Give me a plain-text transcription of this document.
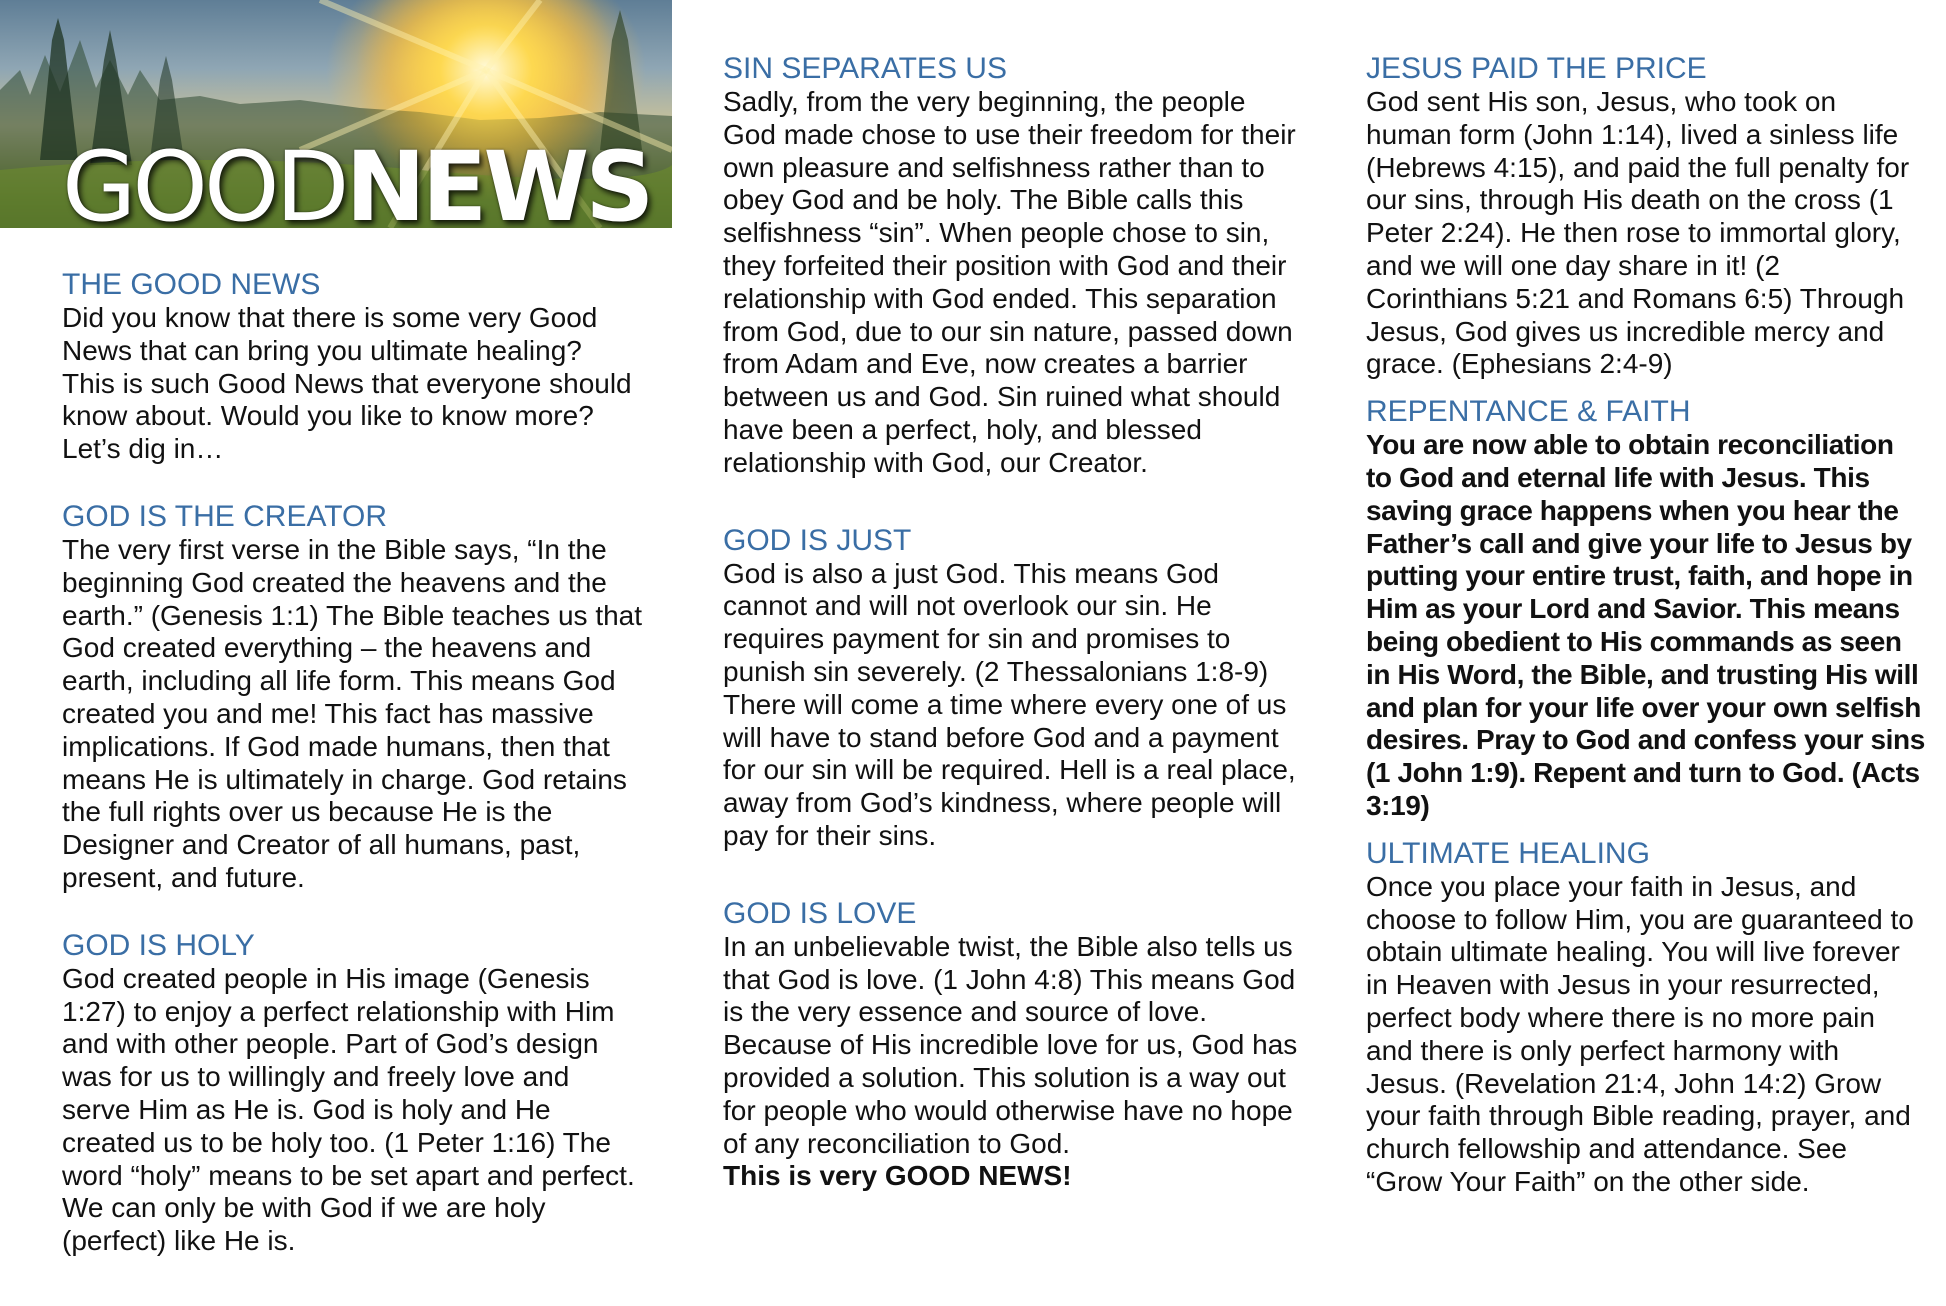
GOODNEWS
THE GOOD NEWS

Did you know that there is some very Good News that can bring you ultimate healing? This is such Good News that everyone should know about. Would you like to know more? Let’s dig in…

GOD IS THE CREATOR

The very first verse in the Bible says, “In the beginning God created the heavens and the earth.” (Genesis 1:1) The Bible teaches us that God created everything – the heavens and earth, including all life form. This means God created you and me! This fact has massive implications. If God made humans, then that means He is ultimately in charge. God retains the full rights over us because He is the Designer and Creator of all humans, past, present, and future.

GOD IS HOLY

God created people in His image (Genesis 1:27) to enjoy a perfect relationship with Him and with other people. Part of God’s design was for us to willingly and freely love and serve Him as He is. God is holy and He created us to be holy too. (1 Peter 1:16) The word “holy” means to be set apart and perfect. We can only be with God if we are holy (perfect) like He is.

SIN SEPARATES US

Sadly, from the very beginning, the people God made chose to use their freedom for their own pleasure and selfishness rather than to obey God and be holy. The Bible calls this selfishness “sin”. When people chose to sin, they forfeited their position with God and their relationship with God ended. This separation from God, due to our sin nature, passed down from Adam and Eve, now creates a barrier between us and God. Sin ruined what should have been a perfect, holy, and blessed relationship with God, our Creator.

GOD IS JUST

God is also a just God. This means God cannot and will not overlook our sin. He requires payment for sin and promises to punish sin severely. (2 Thessalonians 1:8-9) There will come a time where every one of us will have to stand before God and a payment for our sin will be required. Hell is a real place, away from God’s kindness, where people will pay for their sins.

GOD IS LOVE

In an unbelievable twist, the Bible also tells us that God is love. (1 John 4:8) This means God is the very essence and source of love. Because of His incredible love for us, God has provided a solution. This solution is a way out for people who would otherwise have no hope of any reconciliation to God.
This is very GOOD NEWS!

JESUS PAID THE PRICE

God sent His son, Jesus, who took on human form (John 1:14), lived a sinless life (Hebrews 4:15), and paid the full penalty for our sins, through His death on the cross (1 Peter 2:24). He then rose to immortal glory, and we will one day share in it! (2 Corinthians 5:21 and Romans 6:5) Through Jesus, God gives us incredible mercy and grace. (Ephesians 2:4-9)

REPENTANCE & FAITH

You are now able to obtain reconciliation to God and eternal life with Jesus. This saving grace happens when you hear the Father’s call and give your life to Jesus by putting your entire trust, faith, and hope in Him as your Lord and Savior. This means being obedient to His commands as seen in His Word, the Bible, and trusting His will and plan for your life over your own selfish desires. Pray to God and confess your sins (1 John 1:9). Repent and turn to God. (Acts 3:19)

ULTIMATE HEALING

Once you place your faith in Jesus, and choose to follow Him, you are guaranteed to obtain ultimate healing. You will live forever in Heaven with Jesus in your resurrected, perfect body where there is no more pain and there is only perfect harmony with Jesus. (Revelation 21:4, John 14:2) Grow your faith through Bible reading, prayer, and church fellowship and attendance. See “Grow Your Faith” on the other side.
